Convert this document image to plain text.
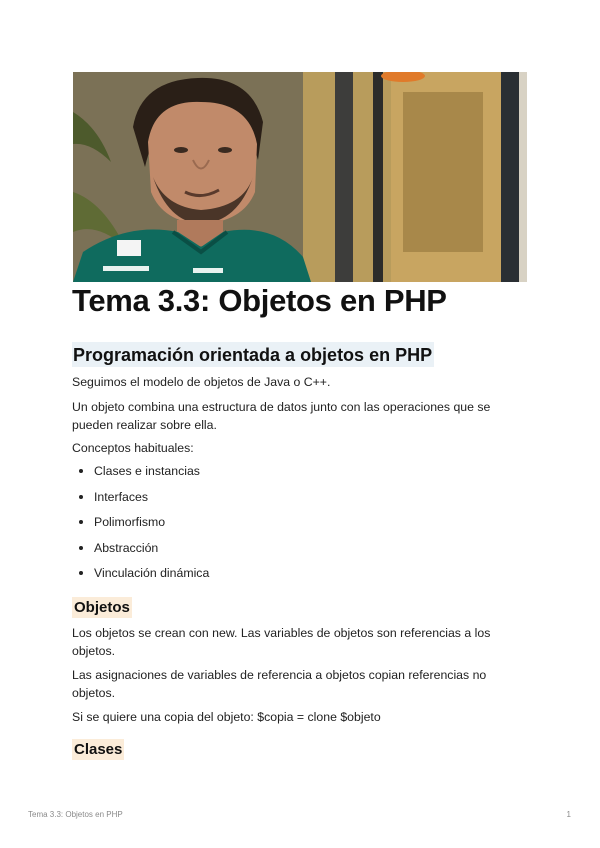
Tema 3.3: Objetos en PHP
Programación orientada a objetos en PHP

Seguimos el modelo de objetos de Java o C++.

Un objeto combina una estructura de datos junto con las operaciones que se pueden realizar sobre ella.

Conceptos habituales:

Clases e instancias
Interfaces
Polimorfismo
Abstracción
Vinculación dinámica
Objetos

Los objetos se crean con new. Las variables de objetos son referencias a los objetos.

Las asignaciones de variables de referencia a objetos copian referencias no objetos.

Si se quiere una copia del objeto: $copia = clone $objeto

Clases
Tema 3.3: Objetos en PHP	1
